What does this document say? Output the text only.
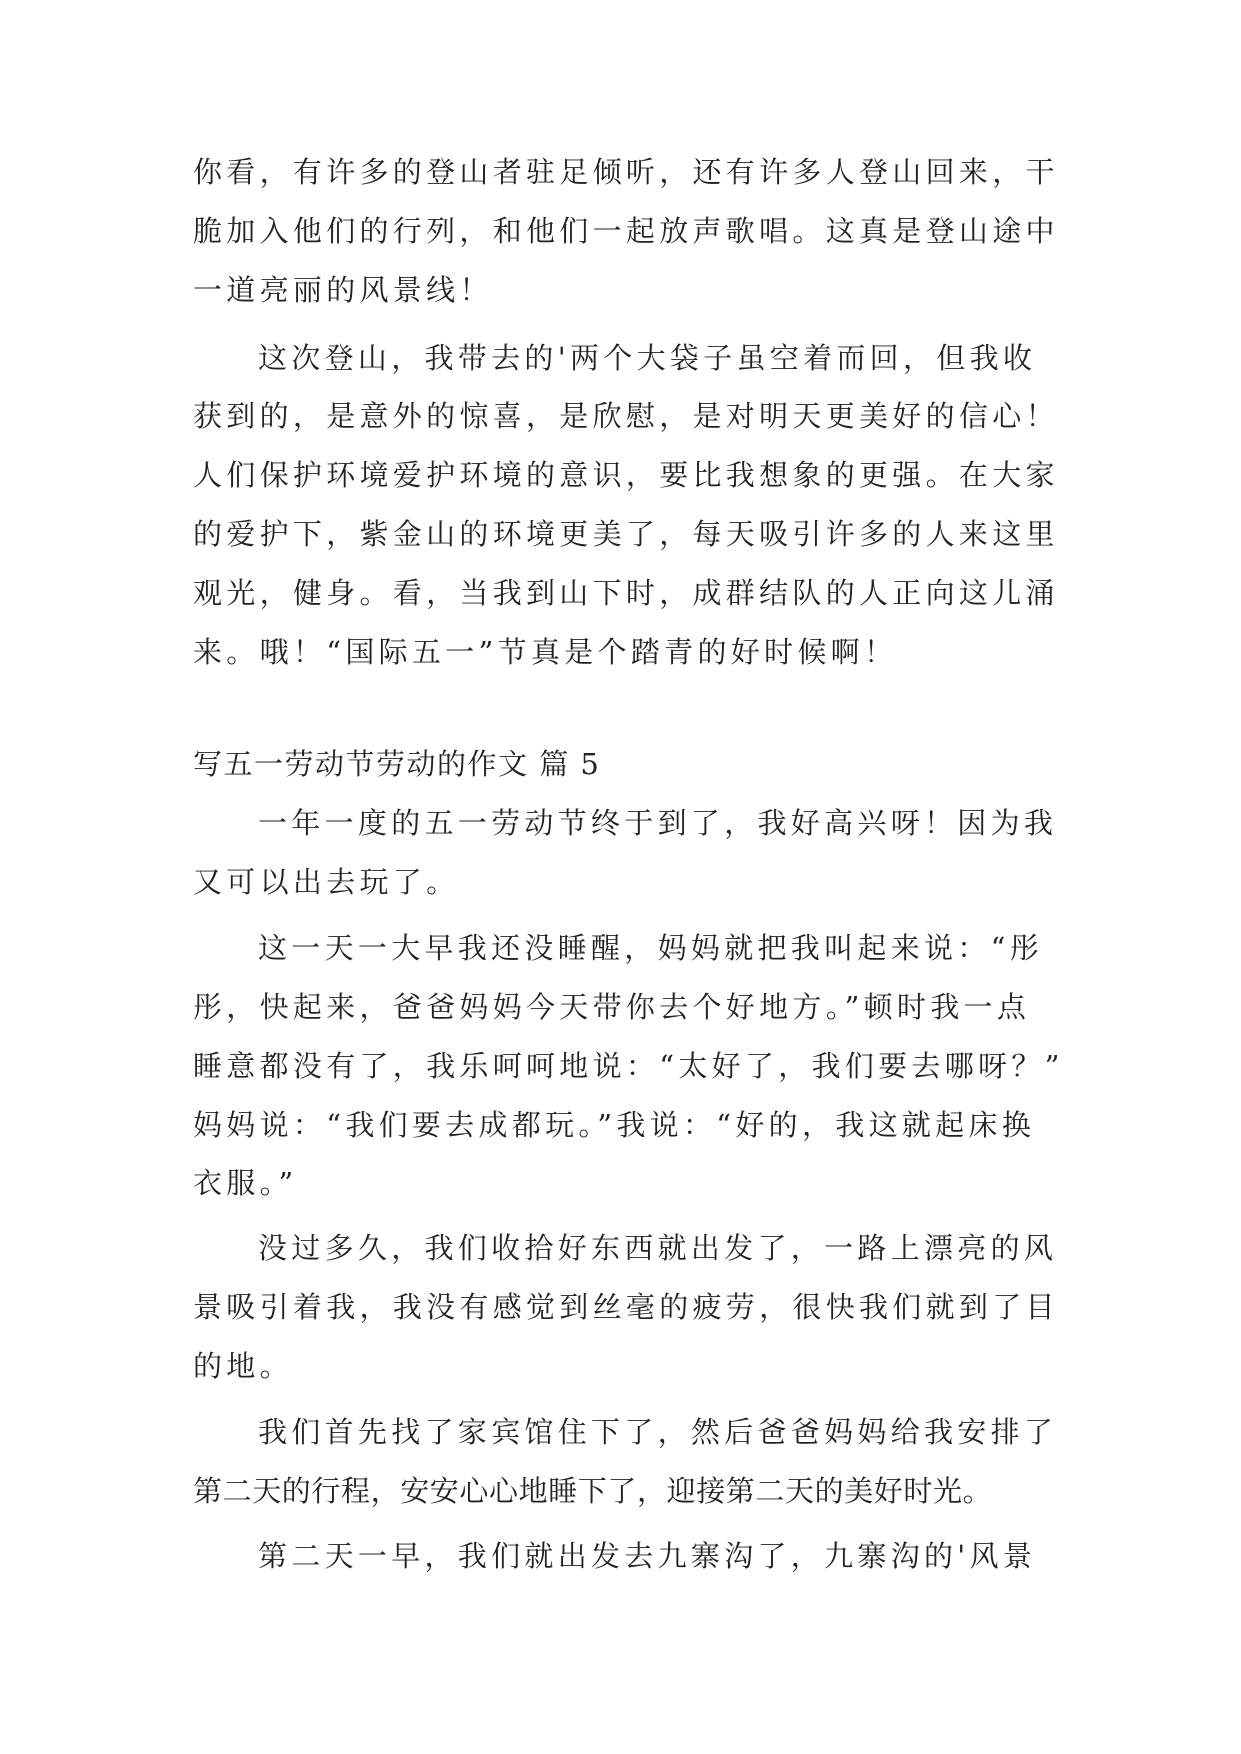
你看，有许多的登山者驻足倾听，还有许多人登山回来，干
脆加入他们的行列，和他们一起放声歌唱。这真是登山途中
一道亮丽的风景线！
这次登山，我带去的'两个大袋子虽空着而回，但我收
获到的，是意外的惊喜，是欣慰，是对明天更美好的信心！
人们保护环境爱护环境的意识，要比我想象的更强。在大家
的爱护下，紫金山的环境更美了，每天吸引许多的人来这里
观光，健身。看，当我到山下时，成群结队的人正向这儿涌
来。哦！“国际五一”节真是个踏青的好时候啊！
写五一劳动节劳动的作文 篇 5
一年一度的五一劳动节终于到了，我好高兴呀！因为我
又可以出去玩了。
这一天一大早我还没睡醒，妈妈就把我叫起来说：“彤
彤，快起来，爸爸妈妈今天带你去个好地方。”顿时我一点
睡意都没有了，我乐呵呵地说：“太好了，我们要去哪呀？”
妈妈说：“我们要去成都玩。”我说：“好的，我这就起床换
衣服。”
没过多久，我们收拾好东西就出发了，一路上漂亮的风
景吸引着我，我没有感觉到丝毫的疲劳，很快我们就到了目
的地。
我们首先找了家宾馆住下了，然后爸爸妈妈给我安排了
第二天的行程，安安心心地睡下了，迎接第二天的美好时光。
第二天一早，我们就出发去九寨沟了，九寨沟的'风景
